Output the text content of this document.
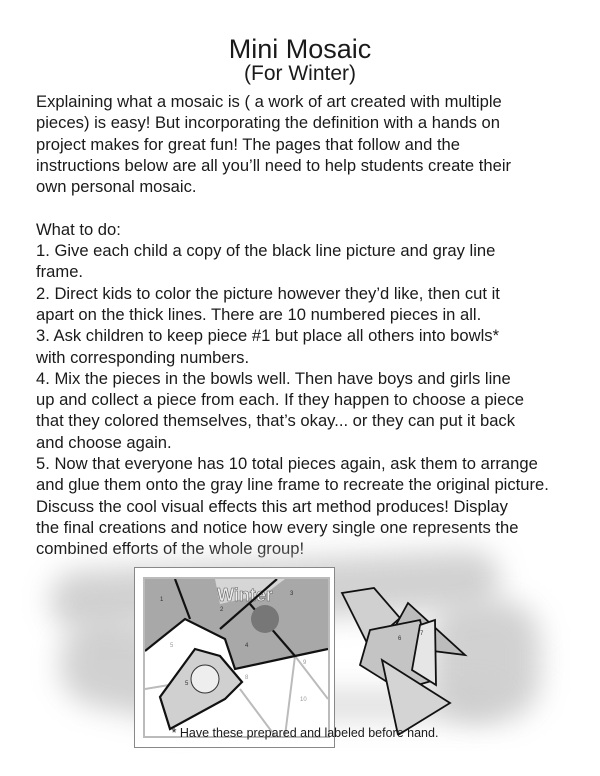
Mini Mosaic
(For Winter)

Explaining what a mosaic is ( a work of art created with multiple

pieces) is easy! But incorporating the definition with a hands on

project makes for great fun! The pages that follow and the

instructions below are all you’ll need to help students create their

own personal mosaic.

What to do:

1. Give each child a copy of the black line picture and gray line

frame.

2. Direct kids to color the picture however they’d like, then cut it

apart on the thick lines. There are 10 numbered pieces in all.

3. Ask children to keep piece #1 but place all others into bowls*

with corresponding numbers.

4. Mix the pieces in the bowls well. Then have boys and girls line

up and collect a piece from each. If they happen to choose a piece

that they colored themselves, that’s okay... or they can put it back

and choose again.

5. Now that everyone has 10 total pieces again, ask them to arrange

and glue them onto the gray line frame to recreate the original picture.

Discuss the cool visual effects this art method produces! Display

the final creations and notice how every single one represents the

combined efforts of the whole group!

Winter
1
2
3
4
5
5
8
9
10
6
7
* Have these prepared and labeled before hand.
